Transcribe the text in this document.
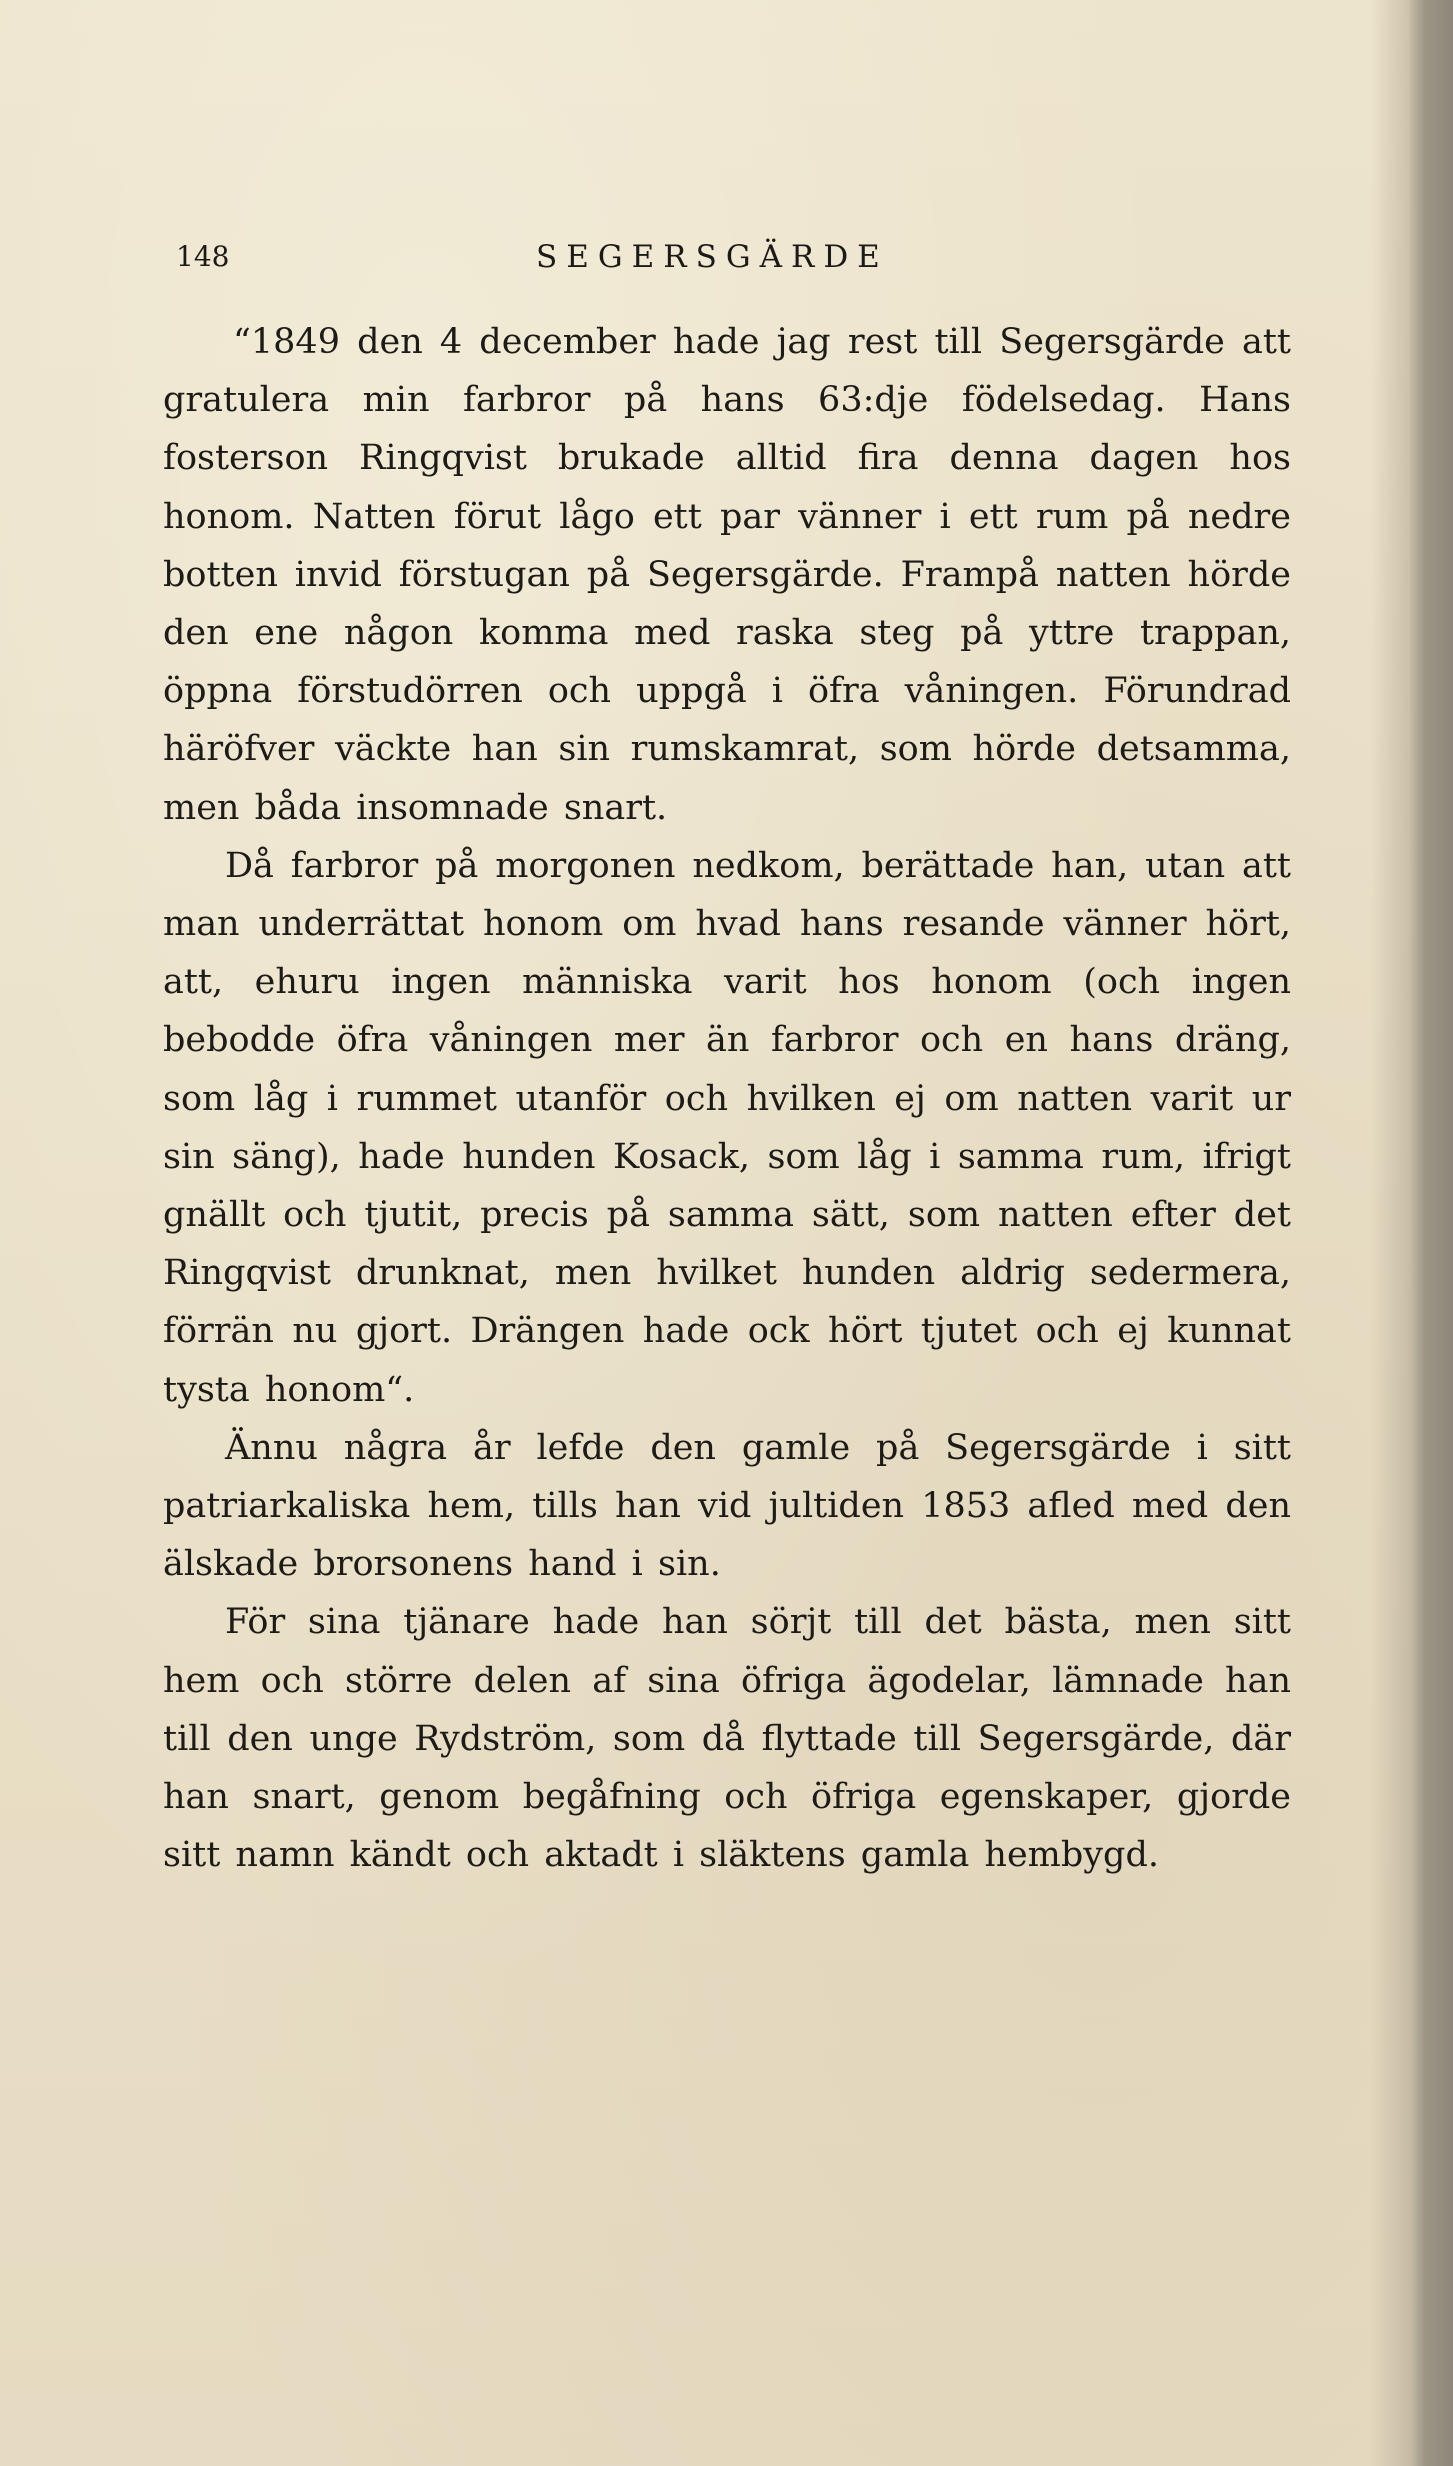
148	SEGERSGÄRDE

“1849 den 4 december hade jag rest till Segersgärde att gratulera min farbror på hans 63:dje födelsedag. Hans fosterson Ringqvist brukade alltid fira denna dagen hos honom. Natten förut lågo ett par vänner i ett rum på nedre botten invid förstugan på Segersgärde. Frampå natten hörde den ene någon komma med raska steg på yttre trappan, öppna förstudörren och uppgå i öfra våningen. Förundrad häröfver väckte han sin rumskamrat, som hörde detsamma, men båda insomnade snart.

Då farbror på morgonen nedkom, berättade han, utan att man underrättat honom om hvad hans resande vänner hört, att, ehuru ingen människa varit hos honom (och ingen bebodde öfra våningen mer än farbror och en hans dräng, som låg i rummet utanför och hvilken ej om natten varit ur sin säng), hade hunden Kosack, som låg i samma rum, ifrigt gnällt och tjutit, precis på samma sätt, som natten efter det Ringqvist drunknat, men hvilket hunden aldrig sedermera, förrän nu gjort. Drängen hade ock hört tjutet och ej kunnat tysta honom“.

Ännu några år lefde den gamle på Segersgärde i sitt patriarkaliska hem, tills han vid jultiden 1853 afled med den älskade brorsonens hand i sin.

För sina tjänare hade han sörjt till det bästa, men sitt hem och större delen af sina öfriga ägodelar, lämnade han till den unge Rydström, som då flyttade till Segersgärde, där han snart, genom begåfning och öfriga egenskaper, gjorde sitt namn kändt och aktadt i släktens gamla hembygd.
